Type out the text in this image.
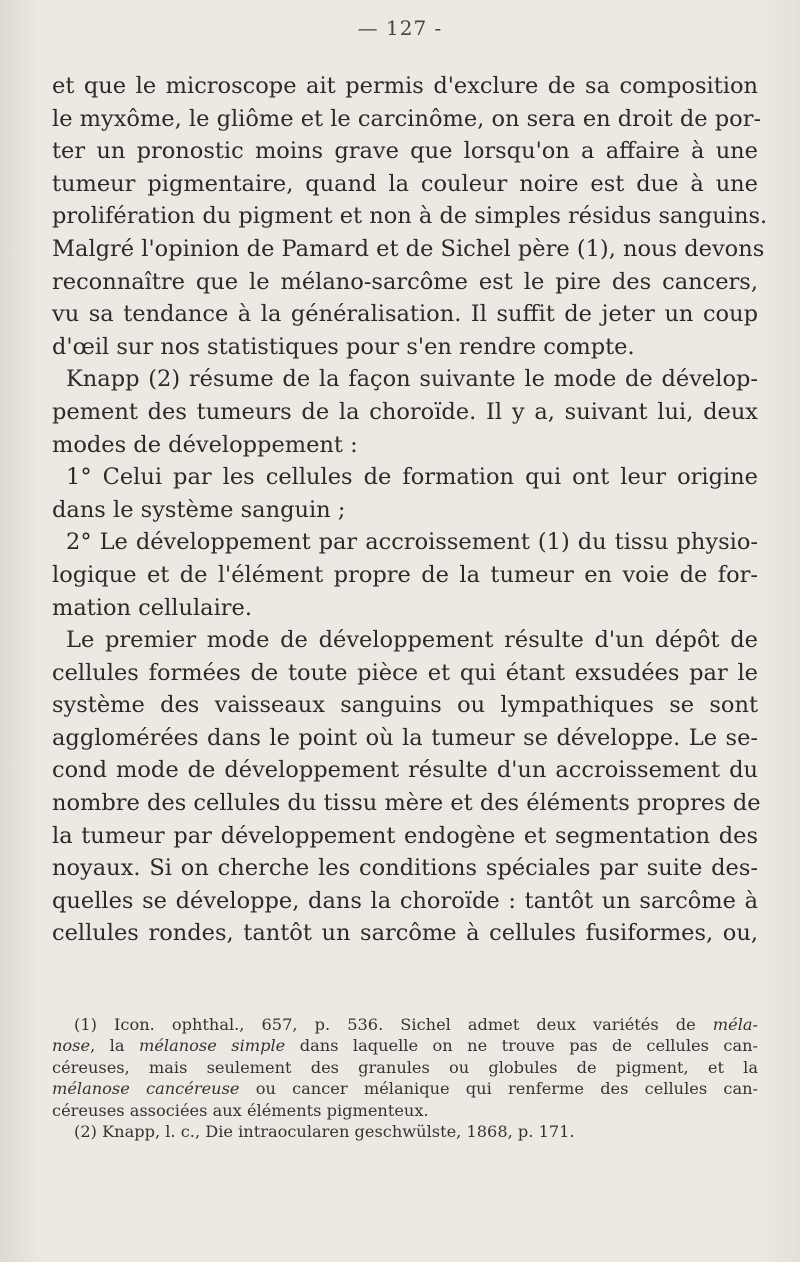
— 127 -
et que le microscope ait permis d'exclure de sa composition
le myxôme, le gliôme et le carcinôme, on sera en droit de por-
ter un pronostic moins grave que lorsqu'on a affaire à une
tumeur pigmentaire, quand la couleur noire est due à une
prolifération du pigment et non à de simples résidus sanguins.
Malgré l'opinion de Pamard et de Sichel père (1), nous devons
reconnaître que le mélano-sarcôme est le pire des cancers,
vu sa tendance à la généralisation. Il suffit de jeter un coup
d'œil sur nos statistiques pour s'en rendre compte.
Knapp (2) résume de la façon suivante le mode de dévelop-
pement des tumeurs de la choroïde. Il y a, suivant lui, deux
modes de développement :
1° Celui par les cellules de formation qui ont leur origine
dans le système sanguin ;
2° Le développement par accroissement (1) du tissu physio-
logique et de l'élément propre de la tumeur en voie de for-
mation cellulaire.
Le premier mode de développement résulte d'un dépôt de
cellules formées de toute pièce et qui étant exsudées par le
système des vaisseaux sanguins ou lympathiques se sont
agglomérées dans le point où la tumeur se développe. Le se-
cond mode de développement résulte d'un accroissement du
nombre des cellules du tissu mère et des éléments propres de
la tumeur par développement endogène et segmentation des
noyaux. Si on cherche les conditions spéciales par suite des-
quelles se développe, dans la choroïde : tantôt un sarcôme à
cellules rondes, tantôt un sarcôme à cellules fusiformes, ou,
(1) Icon. ophthal., 657, p. 536. Sichel admet deux variétés de méla-
nose, la mélanose simple dans laquelle on ne trouve pas de cellules can-
céreuses, mais seulement des granules ou globules de pigment, et la
mélanose cancéreuse ou cancer mélanique qui renferme des cellules can-
céreuses associées aux éléments pigmenteux.
(2) Knapp, l. c., Die intraocularen geschwülste, 1868, p. 171.
